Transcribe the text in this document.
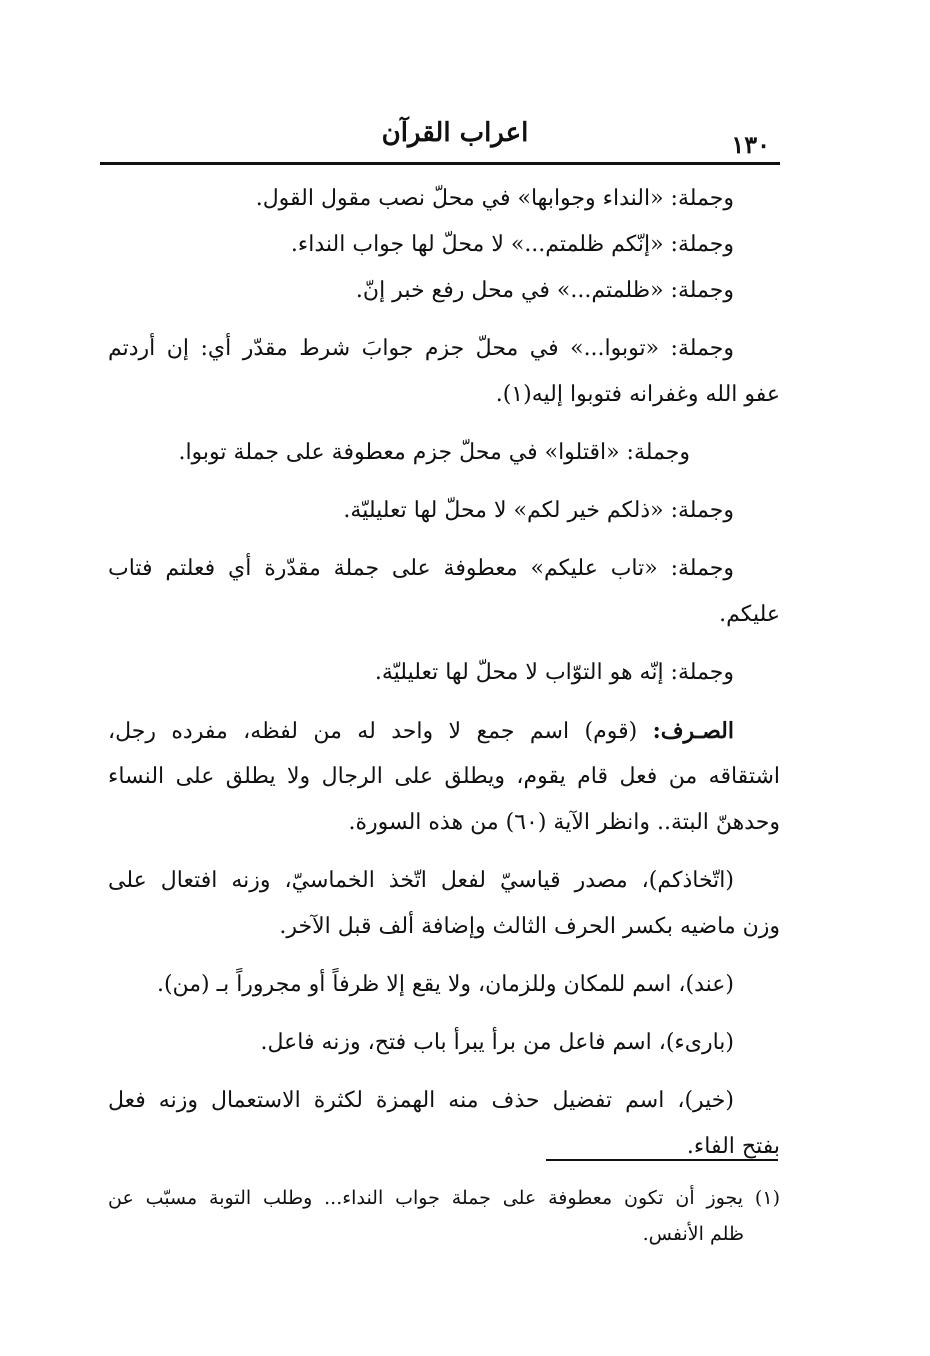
اعراب القرآن	١٣٠
وجملة: «النداء وجوابها» في محلّ نصب مقول القول.
وجملة: «إنّكم ظلمتم...» لا محلّ لها جواب النداء.
وجملة: «ظلمتم...» في محل رفع خبر إنّ.
وجملة: «توبوا...» في محلّ جزم جوابَ شرط مقدّر أي: إن أردتم
عفو الله وغفرانه فتوبوا إليه(١).
وجملة: «اقتلوا» في محلّ جزم معطوفة على جملة توبوا.
وجملة: «ذلكم خير لكم» لا محلّ لها تعليليّة.
وجملة: «تاب عليكم» معطوفة على جملة مقدّرة أي فعلتم فتاب
عليكم.
وجملة: إنّه هو التوّاب لا محلّ لها تعليليّة.
الصـرف: (قوم) اسم جمع لا واحد له من لفظه، مفرده رجل،
اشتقاقه من فعل قام يقوم، ويطلق على الرجال ولا يطلق على النساء
وحدهنّ البتة.. وانظر الآية (٦٠) من هذه السورة.
(اتّخاذكم)، مصدر قياسيّ لفعل اتّخذ الخماسيّ، وزنه افتعال على
وزن ماضيه بكسر الحرف الثالث وإضافة ألف قبل الآخر.
(عند)، اسم للمكان وللزمان، ولا يقع إلا ظرفاً أو مجروراً بـ (من).
(بارىء)، اسم فاعل من برأ يبرأ باب فتح، وزنه فاعل.
(خير)، اسم تفضيل حذف منه الهمزة لكثرة الاستعمال وزنه فعل
بفتح الفاء.
(١) يجوز أن تكون معطوفة على جملة جواب النداء... وطلب التوبة مسبّب عن
ظلم الأنفس.
